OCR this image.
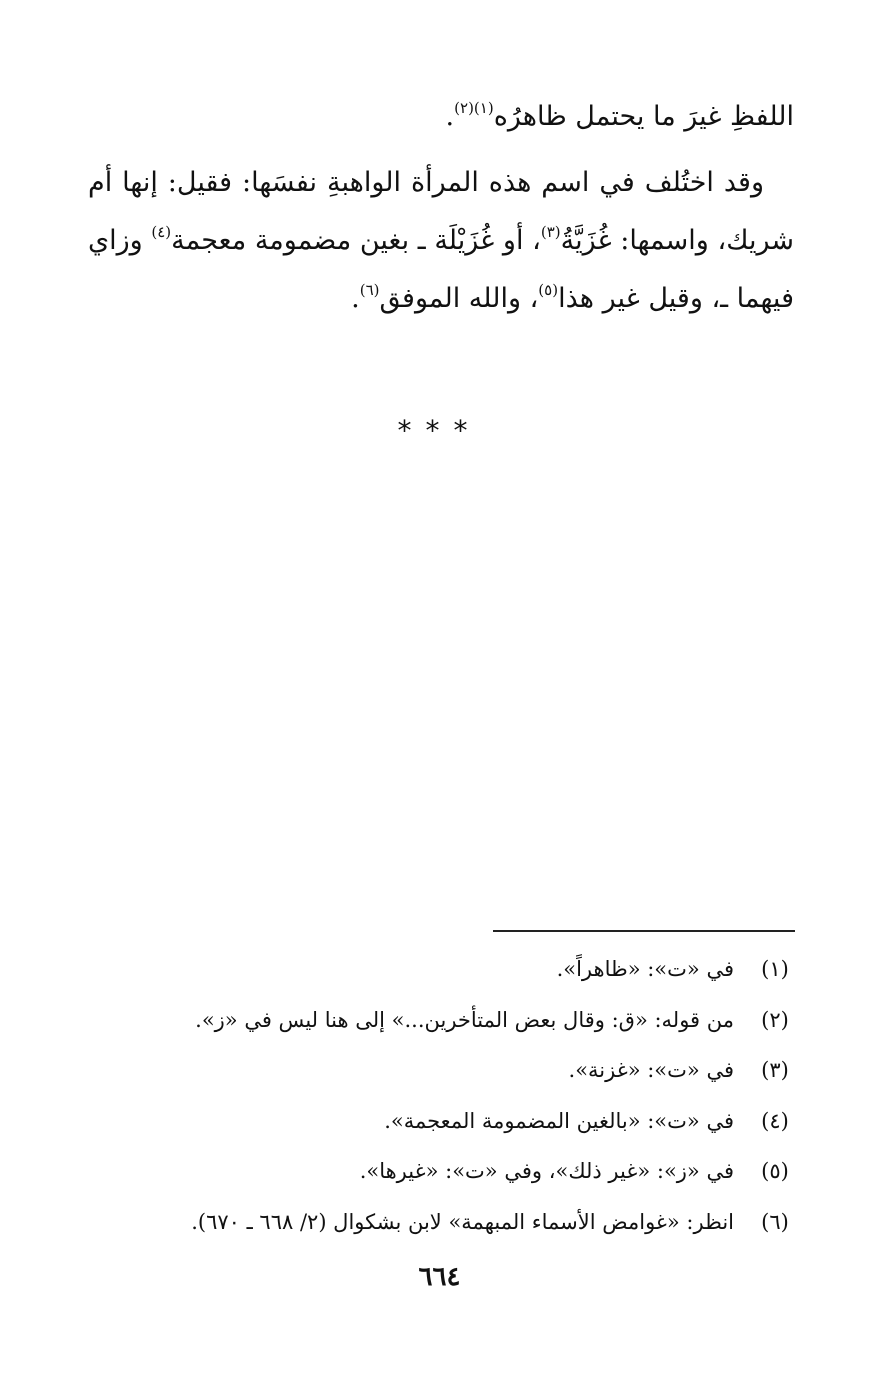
اللفظِ غيرَ ما يحتمل ظاهرُه$^{(١)(٢)}$.
وقد اختُلف في اسم هذه المرأة الواهبةِ نفسَها: فقيل: إنها أم
شريك، واسمها: غُزَيَّةُ$^{(٣)}$، أو غُزَيْلَة ـ بغين مضمومة معجمة$^{(٤)}$ وزاي
فيهما ـ، وقيل غير هذا$^{(٥)}$، والله الموفق$^{(٦)}$.
***
(١)
في «ت»: «ظاهراً».
(٢)
من قوله: «ق: وقال بعض المتأخرين...» إلى هنا ليس في «ز».
(٣)
في «ت»: «غزنة».
(٤)
في «ت»: «بالغين المضمومة المعجمة».
(٥)
في «ز»: «غير ذلك»، وفي «ت»: «غيرها».
(٦)
انظر: «غوامض الأسماء المبهمة» لابن بشكوال (٢/ ٦٦٨ ـ ٦٧٠).
٦٦٤
